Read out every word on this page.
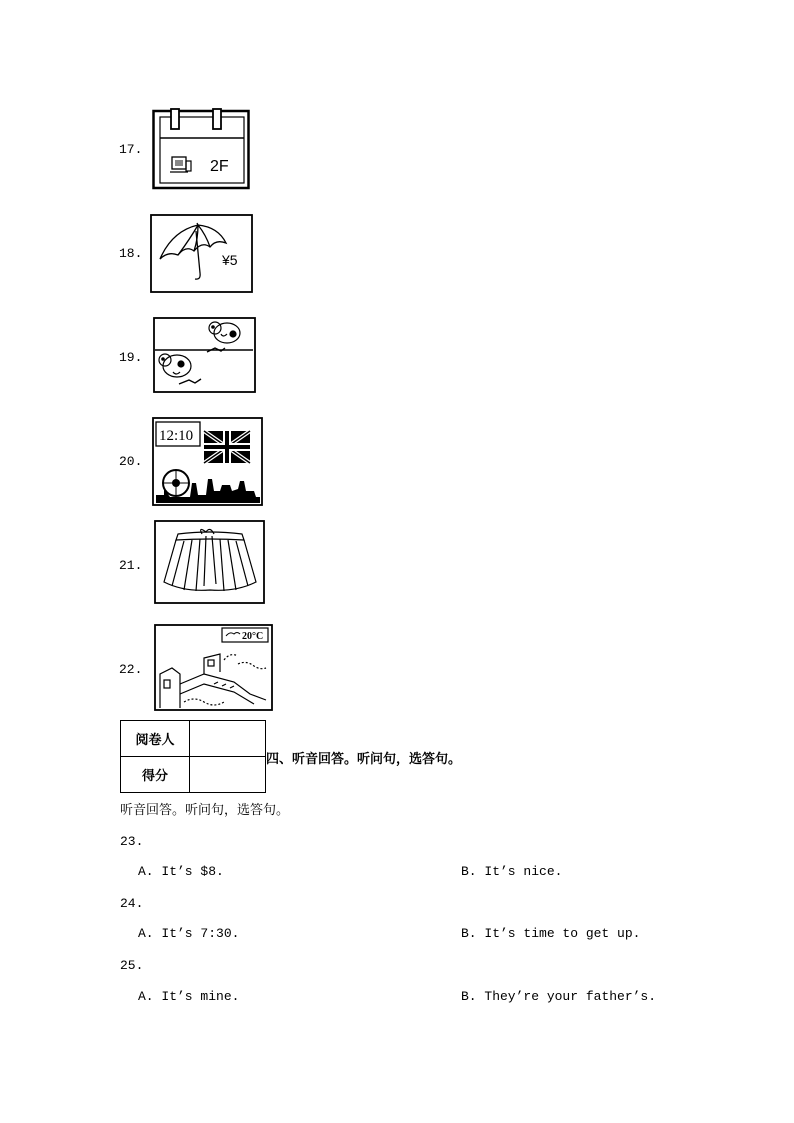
17.
2F
18.	¥5
19.
20.
12:10
21.
22.
20°C
阅卷人	
得分	
四、听音回答。听问句，选答句。
听音回答。听问句，选答句。
23.
A. It’s $8.	B. It’s nice.
24.
A. It’s 7:30.	B. It’s time to get up.
25.
A. It’s mine.	B. They’re your father’s.
